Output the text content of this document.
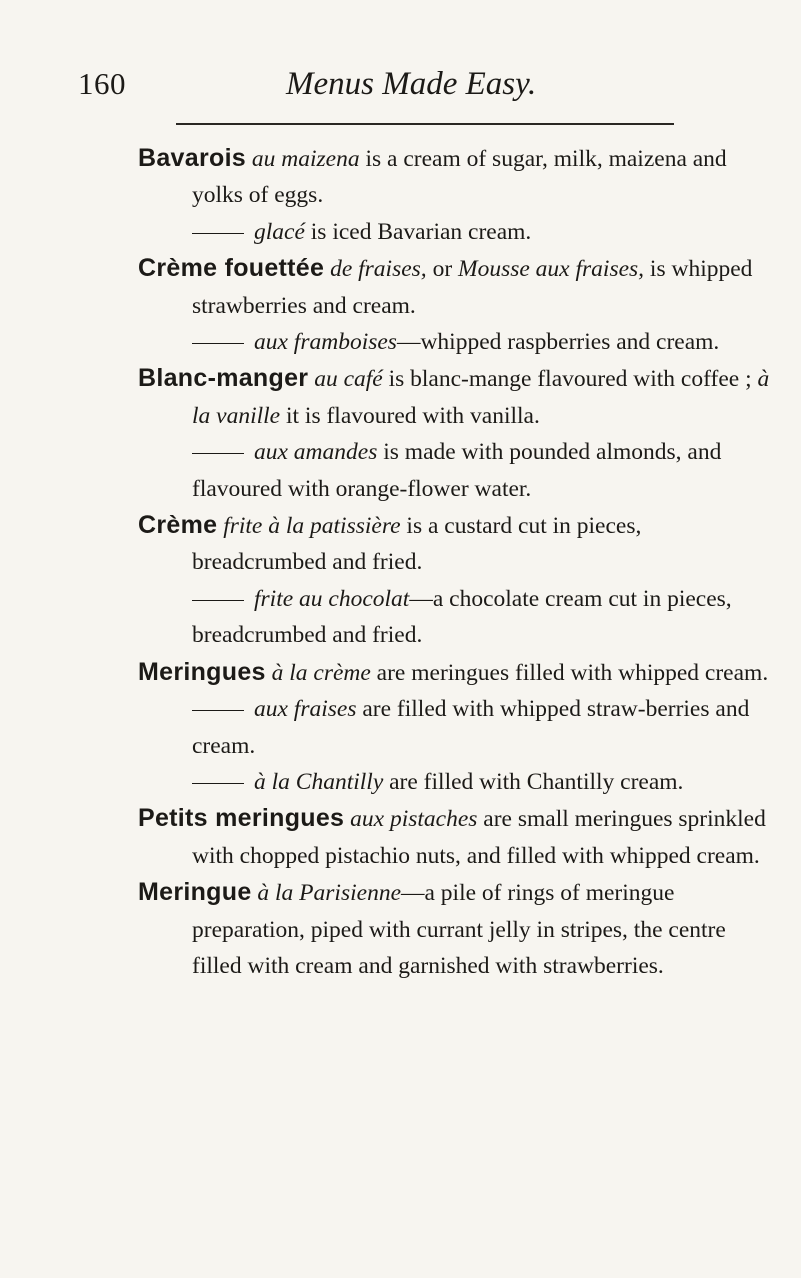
160	Menus Made Easy.
Bavarois au maizena is a cream of sugar, milk, maizena and yolks of eggs.
glacé is iced Bavarian cream.
Crème fouettée de fraises, or Mousse aux fraises, is whipped strawberries and cream.
aux framboises—whipped raspberries and cream.
Blanc-manger au café is blanc-mange flavoured with coffee ; à la vanille it is flavoured with vanilla.
aux amandes is made with pounded almonds, and flavoured with orange-flower water.
Crème frite à la patissière is a custard cut in pieces, breadcrumbed and fried.
frite au chocolat—a chocolate cream cut in pieces, breadcrumbed and fried.
Meringues à la crème are meringues filled with whipped cream.
aux fraises are filled with whipped straw-berries and cream.
à la Chantilly are filled with Chantilly cream.
Petits meringues aux pistaches are small meringues sprinkled with chopped pistachio nuts, and filled with whipped cream.
Meringue à la Parisienne—a pile of rings of meringue preparation, piped with currant jelly in stripes, the centre filled with cream and garnished with strawberries.
